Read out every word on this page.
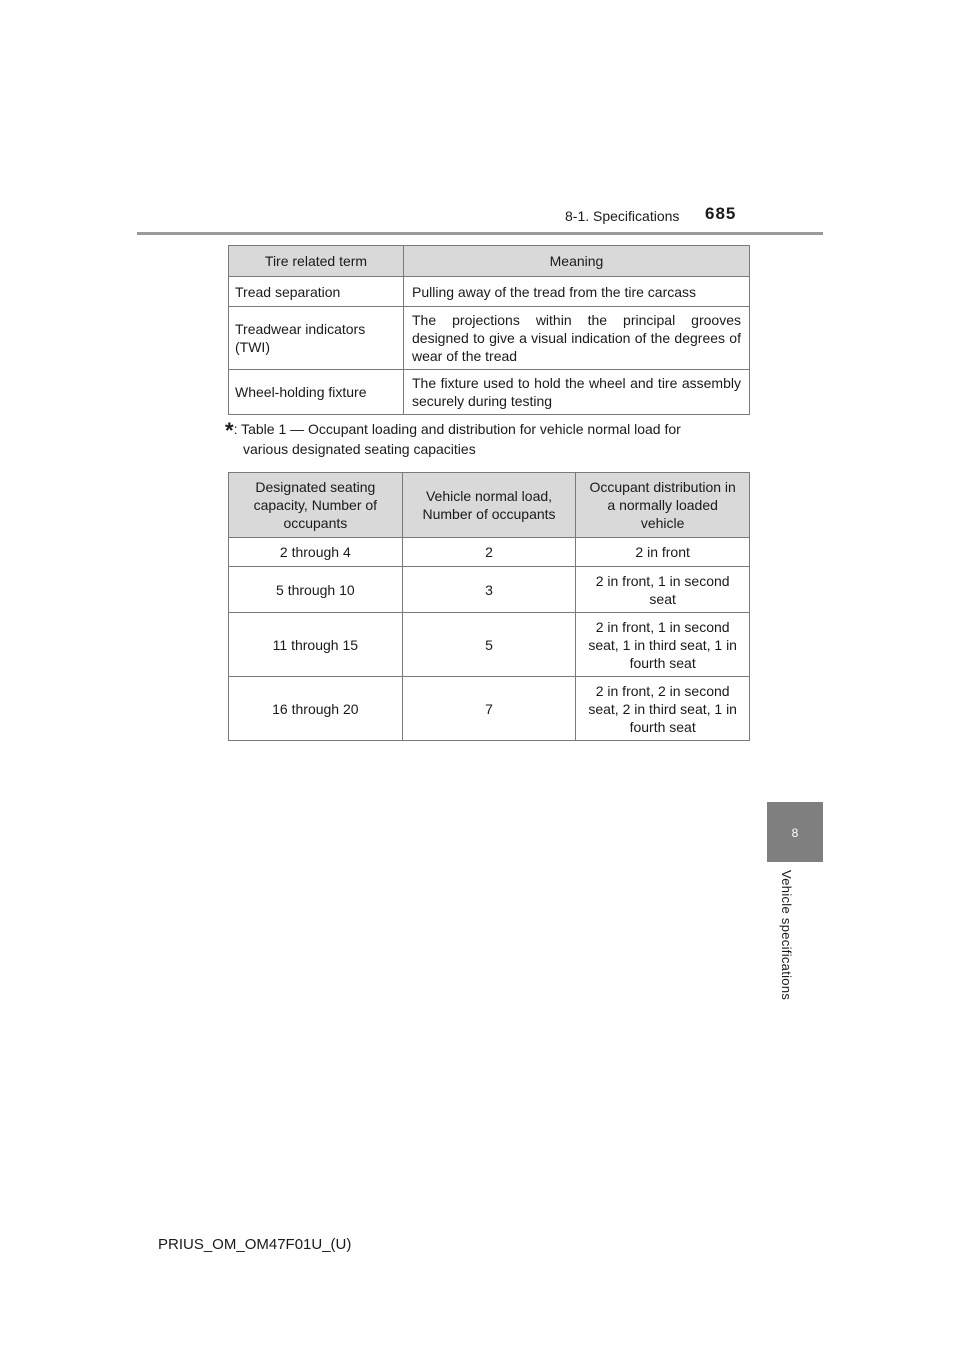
8-1. Specifications 685
Tire related term	Meaning
Tread separation	Pulling away of the tread from the tire carcass
Treadwear indicators (TWI)	The projections within the principal grooves designed to give a visual indication of the degrees of wear of the tread
Wheel-holding fixture	The fixture used to hold the wheel and tire assembly securely during testing
*: Table 1 — Occupant loading and distribution for vehicle normal load for
various designated seating capacities
Designated seating capacity, Number of occupants	Vehicle normal load, Number of occupants	Occupant distribution in a normally loaded vehicle
2 through 4	2	2 in front
5 through 10	3	2 in front, 1 in second seat
11 through 15	5	2 in front, 1 in second seat, 1 in third seat, 1 in fourth seat
16 through 20	7	2 in front, 2 in second seat, 2 in third seat, 1 in fourth seat
8
Vehicle specifications
PRIUS_OM_OM47F01U_(U)
